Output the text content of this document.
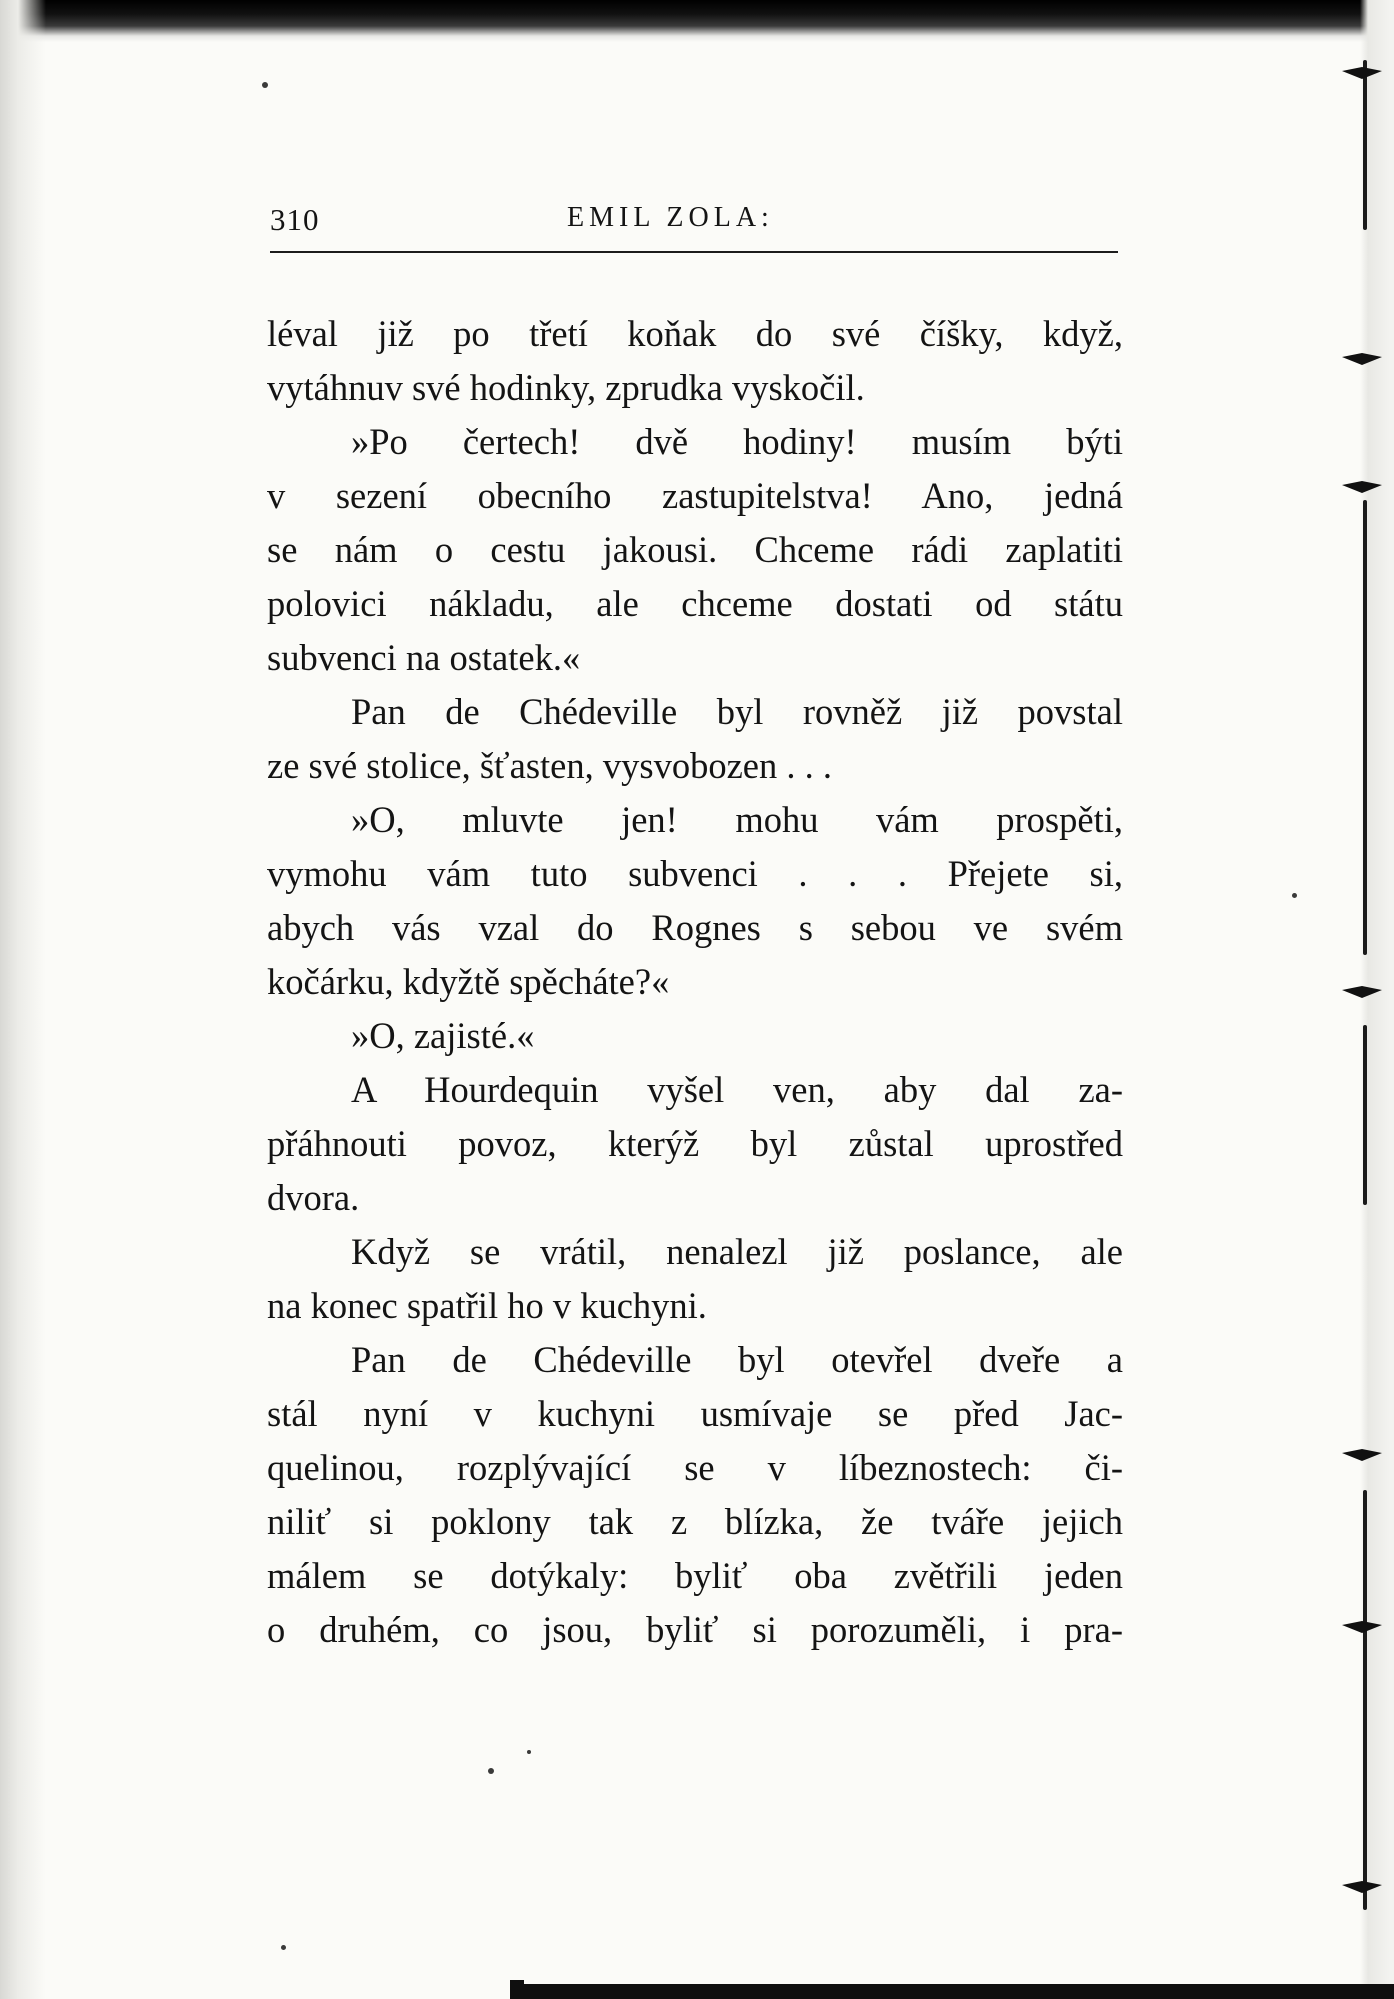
310	EMIL ZOLA:
léval již po třetí koňak do své číšky, když,
vytáhnuv své hodinky, zprudka vyskočil.
»Po čertech! dvě hodiny! musím býti
v sezení obecního zastupitelstva! Ano, jedná
se nám o cestu jakousi. Chceme rádi zaplatiti
polovici nákladu, ale chceme dostati od státu
subvenci na ostatek.«
Pan de Chédeville byl rovněž již povstal
ze své stolice, šťasten, vysvobozen . . .
»O, mluvte jen! mohu vám prospěti,
vymohu vám tuto subvenci . . . Přejete si,
abych vás vzal do Rognes s sebou ve svém
kočárku, kdyžtě spěcháte?«
»O, zajisté.«
A Hourdequin vyšel ven, aby dal za-
přáhnouti povoz, kterýž byl zůstal uprostřed
dvora.
Když se vrátil, nenalezl již poslance, ale
na konec spatřil ho v kuchyni.
Pan de Chédeville byl otevřel dveře a
stál nyní v kuchyni usmívaje se před Jac-
quelinou, rozplývající se v líbeznostech: či-
niliť si poklony tak z blízka, že tváře jejich
málem se dotýkaly: byliť oba zvětřili jeden
o druhém, co jsou, byliť si porozuměli, i pra-
